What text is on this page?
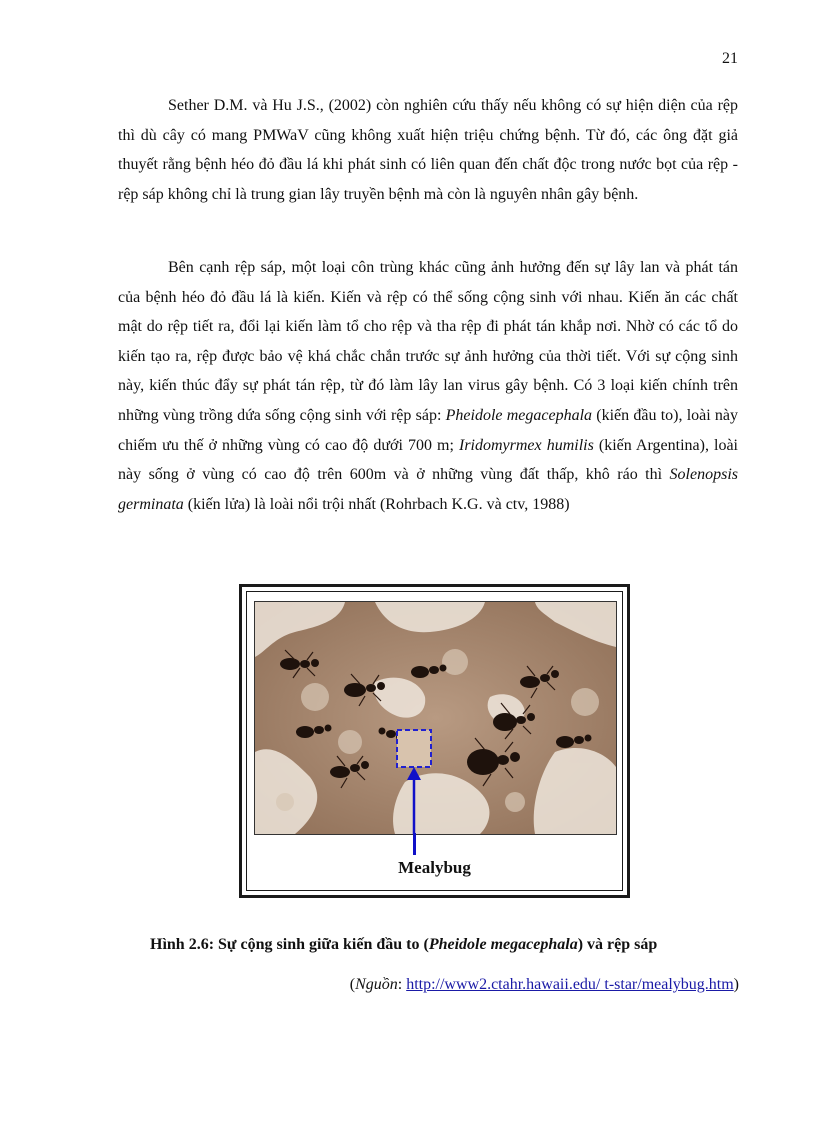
21

Sether D.M. và Hu J.S., (2002) còn nghiên cứu thấy nếu không có sự hiện diện của rệp thì dù cây có mang PMWaV cũng không xuất hiện triệu chứng bệnh. Từ đó, các ông đặt giả thuyết rằng bệnh héo đỏ đầu lá khi phát sinh có liên quan đến chất độc trong nước bọt của rệp - rệp sáp không chỉ là trung gian lây truyền bệnh mà còn là nguyên nhân gây bệnh.

Bên cạnh rệp sáp, một loại côn trùng khác cũng ảnh hưởng đến sự lây lan và phát tán của bệnh héo đỏ đầu lá là kiến. Kiến và rệp có thể sống cộng sinh với nhau. Kiến ăn các chất mật do rệp tiết ra, đổi lại kiến làm tổ cho rệp và tha rệp đi phát tán khắp nơi. Nhờ có các tổ do kiến tạo ra, rệp được bảo vệ khá chắc chắn trước sự ảnh hưởng của thời tiết. Với sự cộng sinh này, kiến thúc đẩy sự phát tán rệp, từ đó làm lây lan virus gây bệnh. Có 3 loại kiến chính trên những vùng trồng dứa sống cộng sinh với rệp sáp: Pheidole megacephala (kiến đầu to), loài này chiếm ưu thế ở những vùng có cao độ dưới 700 m; Iridomyrmex humilis (kiến Argentina), loài này sống ở vùng có cao độ trên 600m và ở những vùng đất thấp, khô ráo thì Solenopsis germinata (kiến lửa) là loài nổi trội nhất (Rohrbach K.G. và ctv, 1988)

Mealybug
Hình 2.6: Sự cộng sinh giữa kiến đầu to (Pheidole megacephala) và rệp sáp
(Nguồn: http://www2.ctahr.hawaii.edu/ t-star/mealybug.htm)
